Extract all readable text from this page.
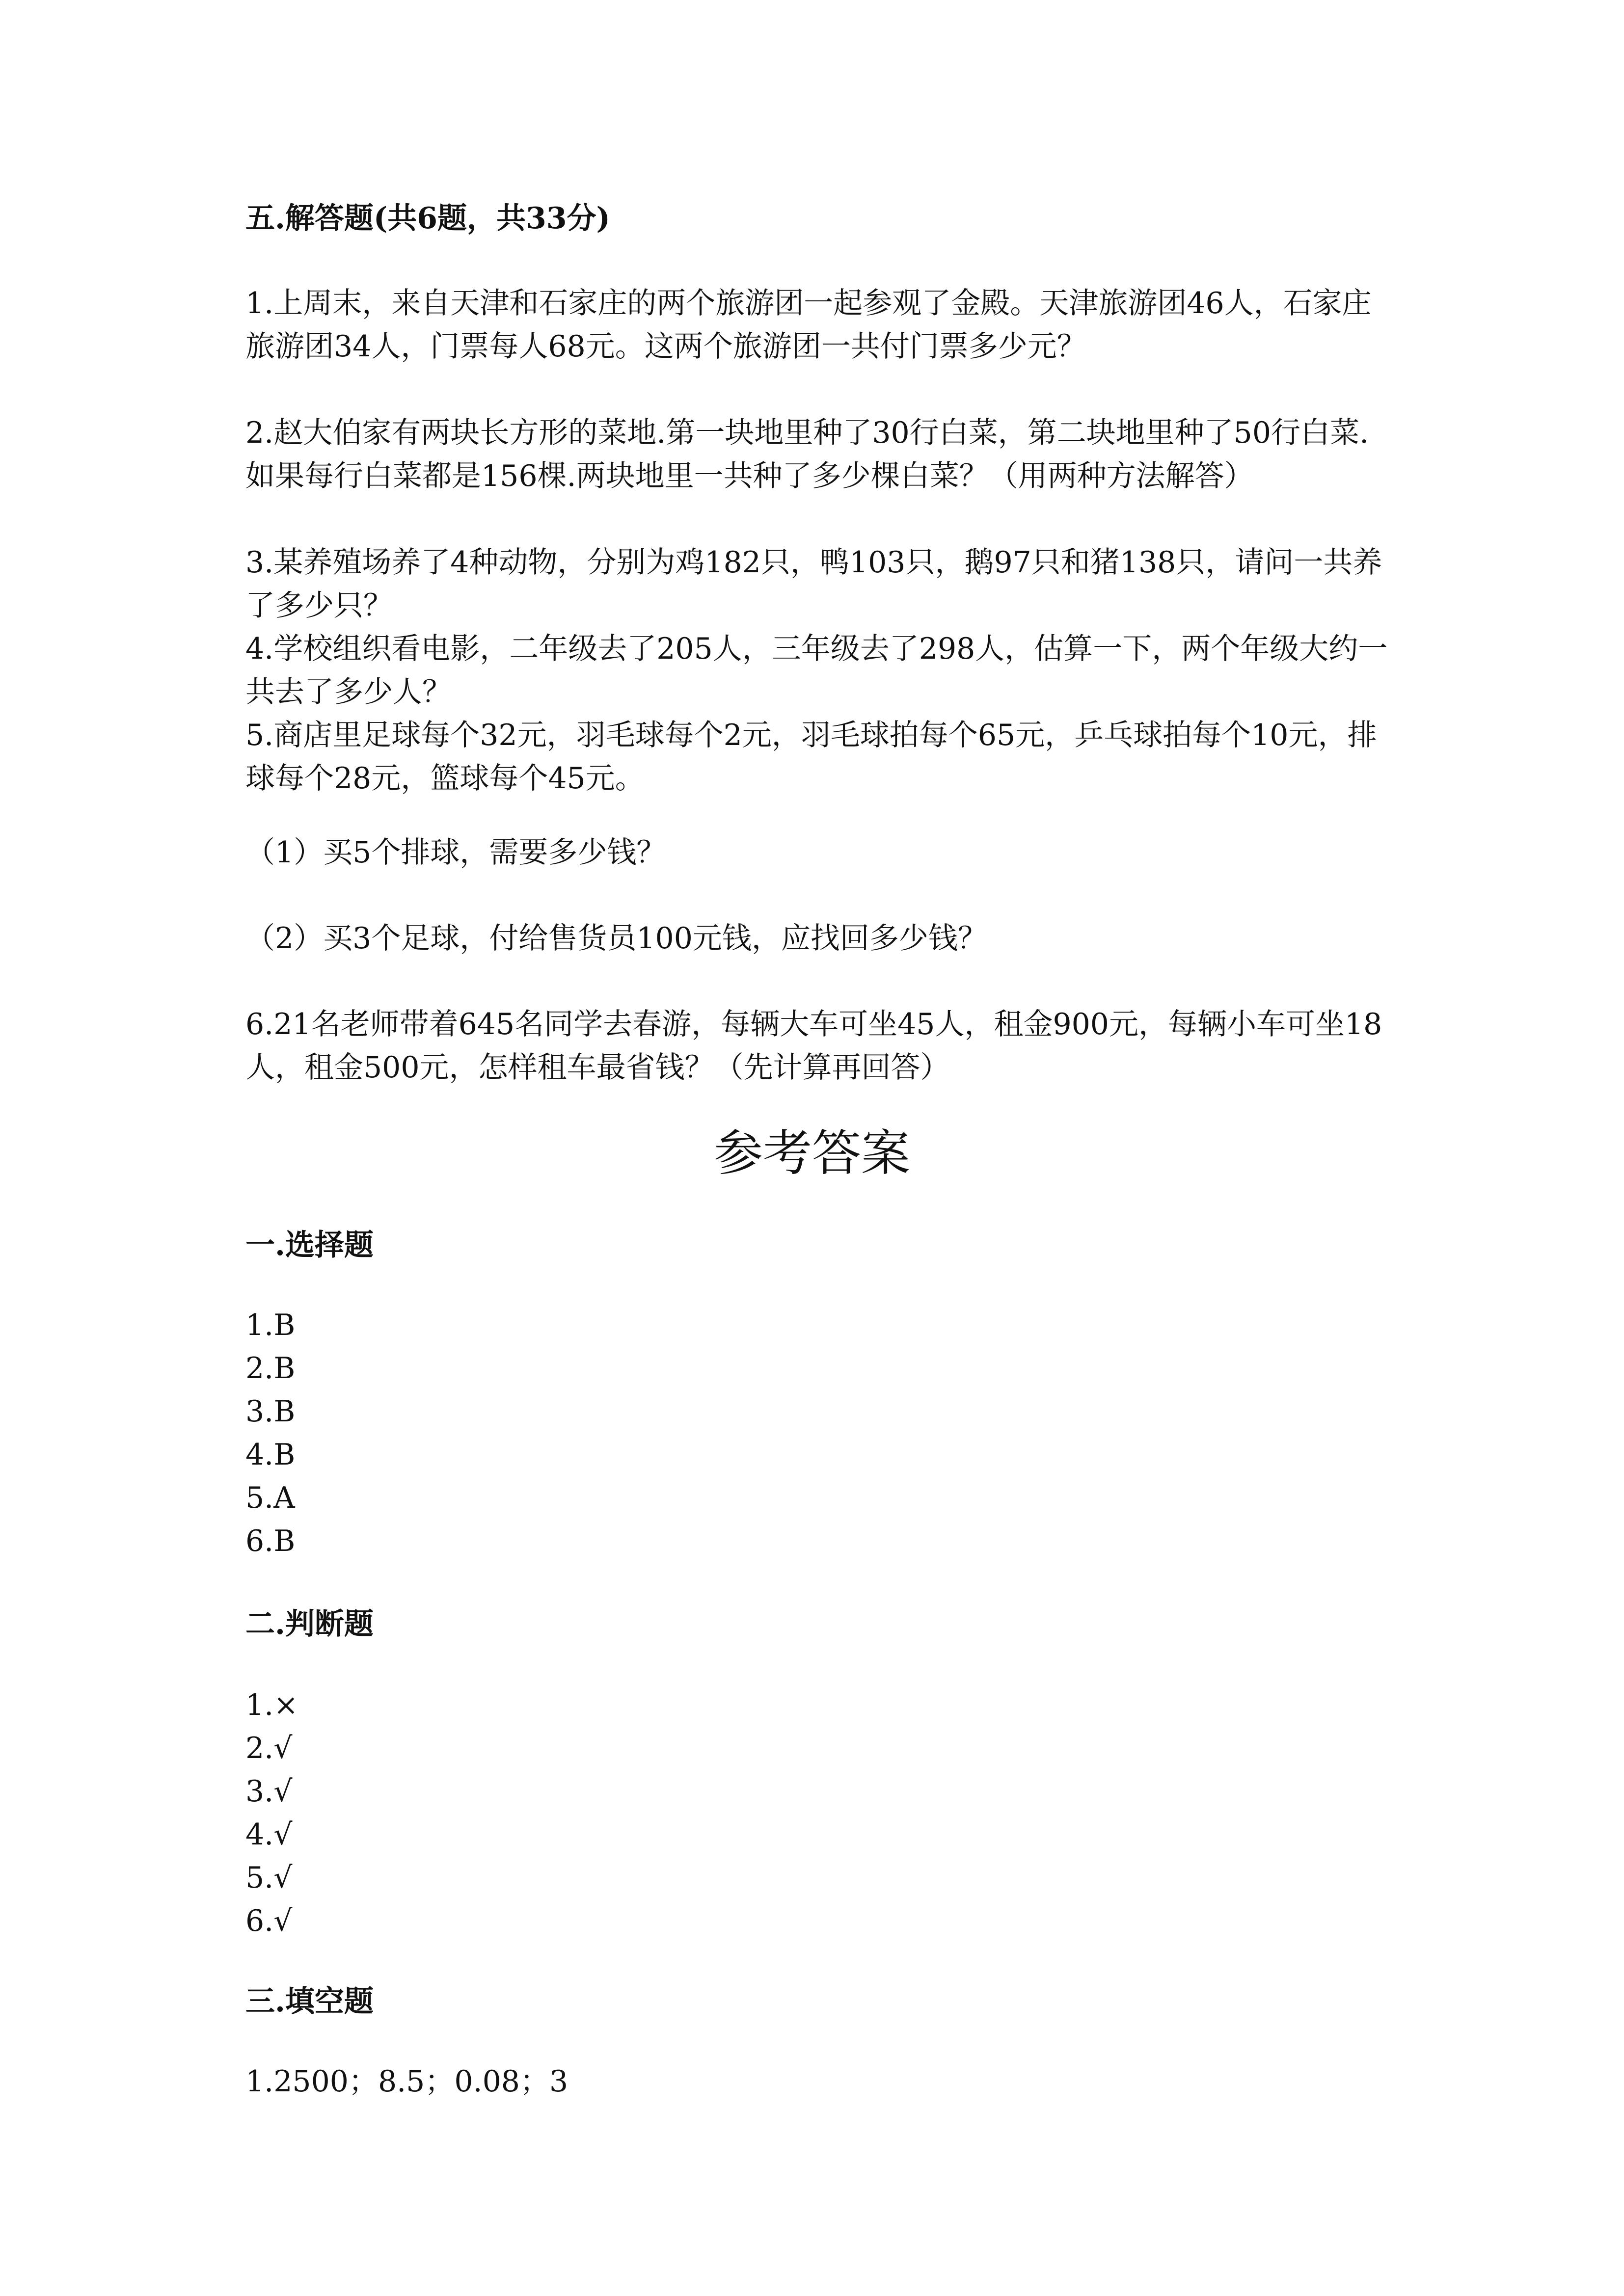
五.解答题(共6题，共33分)

1.上周末，来自天津和石家庄的两个旅游团一起参观了金殿。天津旅游团46人，石家庄旅游团34人，门票每人68元。这两个旅游团一共付门票多少元？

2.赵大伯家有两块长方形的菜地.第一块地里种了30行白菜，第二块地里种了50行白菜.如果每行白菜都是156棵.两块地里一共种了多少棵白菜？（用两种方法解答）

3.某养殖场养了4种动物，分别为鸡182只，鸭103只，鹅97只和猪138只，请问一共养了多少只？

4.学校组织看电影，二年级去了205人，三年级去了298人，估算一下，两个年级大约一共去了多少人？

5.商店里足球每个32元，羽毛球每个2元，羽毛球拍每个65元，乒乓球拍每个10元，排球每个28元，篮球每个45元。

（1）买5个排球，需要多少钱？

（2）买3个足球，付给售货员100元钱，应找回多少钱？

6.21名老师带着645名同学去春游，每辆大车可坐45人，租金900元，每辆小车可坐18人，租金500元，怎样租车最省钱？（先计算再回答）

参考答案

一.选择题

1.B
2.B
3.B
4.B
5.A
6.B

二.判断题

1.×
2.√
3.√
4.√
5.√
6.√

三.填空题

1.2500；8.5；0.08；3
